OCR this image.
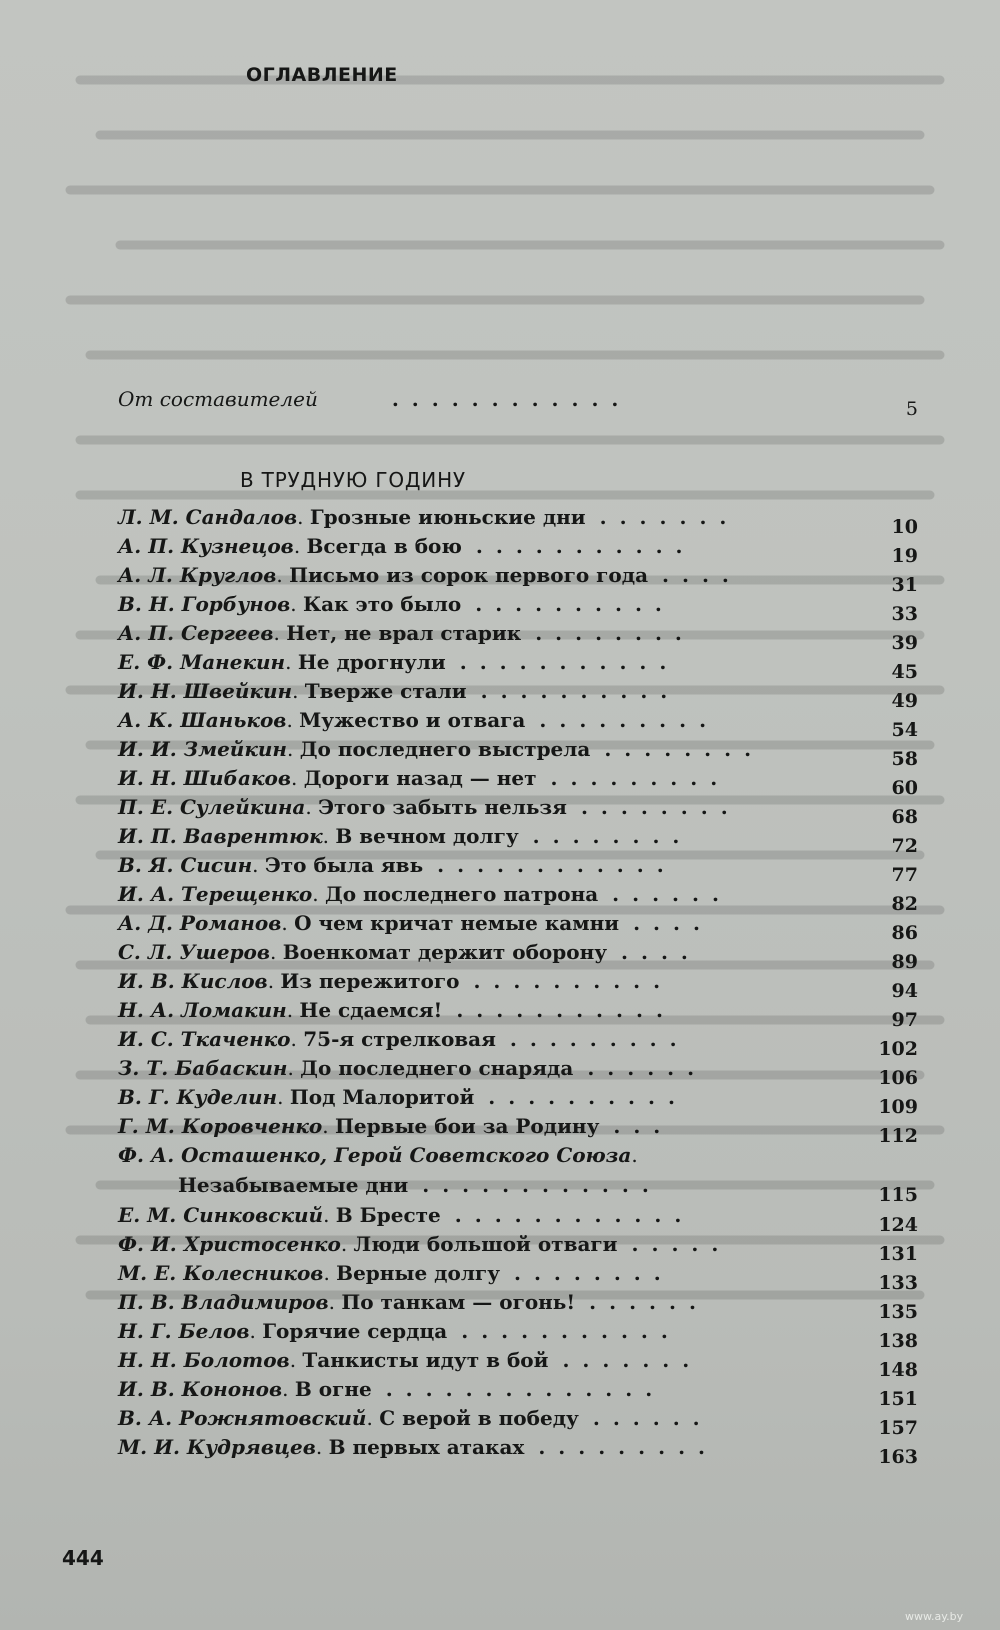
ОГЛАВЛЕНИЕ
В ТРУДНУЮ ГОДИНУ
От составителей	............	5
Л. М. Сандалов. Грозные июньские дни .......	10
А. П. Кузнецов. Всегда в бою ...........	19
А. Л. Круглов. Письмо из сорок первого года ....	31
В. Н. Горбунов. Как это было ..........	33
А. П. Сергеев. Нет, не врал старик ........	39
Е. Ф. Манекин. Не дрогнули ...........	45
И. Н. Швейкин. Тверже стали ..........	49
А. К. Шаньков. Мужество и отвага .........	54
И. И. Змейкин. До последнего выстрела ........	58
И. Н. Шибаков. Дороги назад — нет .........	60
П. Е. Сулейкина. Этого забыть нельзя ........	68
И. П. Ваврентюк. В вечном долгу ........	72
В. Я. Сисин. Это была явь ............	77
И. А. Терещенко. До последнего патрона ......	82
А. Д. Романов. О чем кричат немые камни ....	86
С. Л. Ушеров. Военкомат держит оборону ....	89
И. В. Кислов. Из пережитого ..........	94
Н. А. Ломакин. Не сдаемся! ...........	97
И. С. Ткаченко. 75-я стрелковая .........	102
З. Т. Бабаскин. До последнего снаряда ......	106
В. Г. Куделин. Под Малоритой ..........	109
Г. М. Коровченко. Первые бои за Родину ...	112
Ф. А. Осташенко, Герой Советского Союза.
Незабываемые дни ............	115
Е. М. Синковский. В Бресте ............	124
Ф. И. Христосенко. Люди большой отваги .....	131
М. Е. Колесников. Верные долгу ........	133
П. В. Владимиров. По танкам — огонь! ......	135
Н. Г. Белов. Горячие сердца ...........	138
Н. Н. Болотов. Танкисты идут в бой .......	148
И. В. Кононов. В огне ..............	151
В. А. Рожнятовский. С верой в победу ......	157
М. И. Кудрявцев. В первых атаках .........	163
444
www.ay.by
